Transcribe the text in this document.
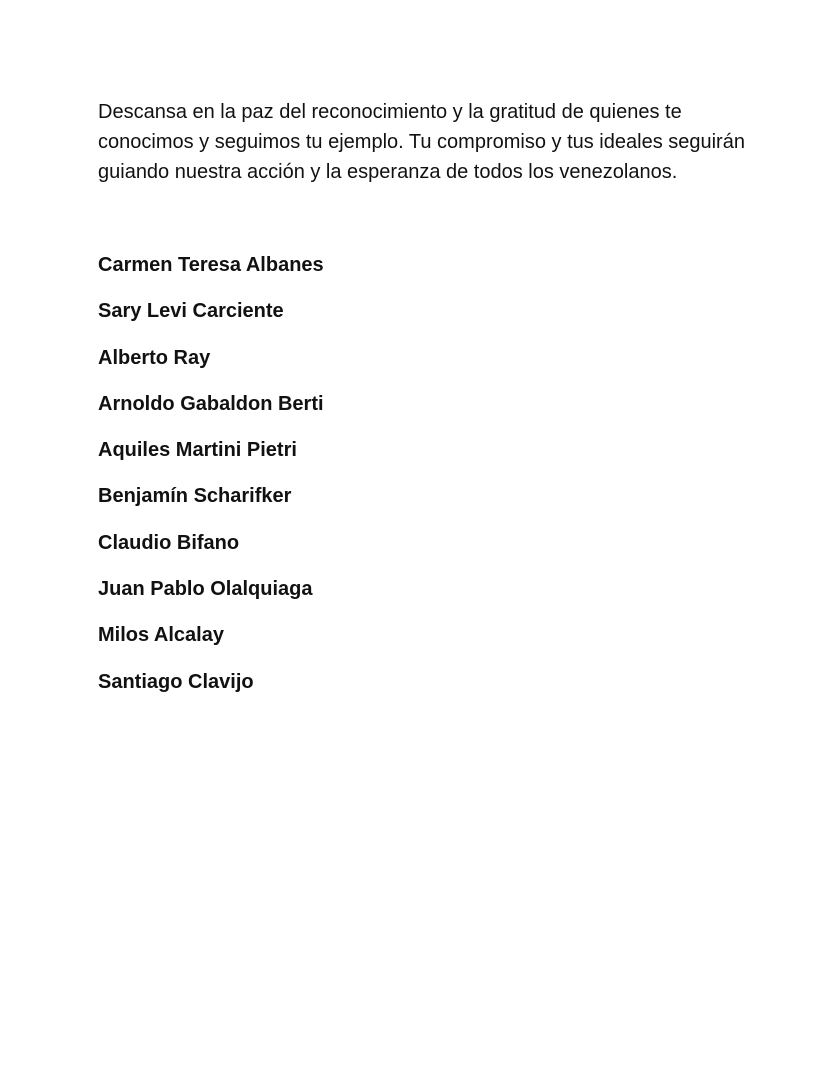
Descansa en la paz del reconocimiento y la gratitud de quienes te conocimos y seguimos tu ejemplo. Tu compromiso y tus ideales seguirán guiando nuestra acción y la esperanza de todos los venezolanos.

Carmen Teresa Albanes
Sary Levi Carciente
Alberto Ray
Arnoldo Gabaldon Berti
Aquiles Martini Pietri
Benjamín Scharifker
Claudio Bifano
Juan Pablo Olalquiaga
Milos Alcalay
Santiago Clavijo
